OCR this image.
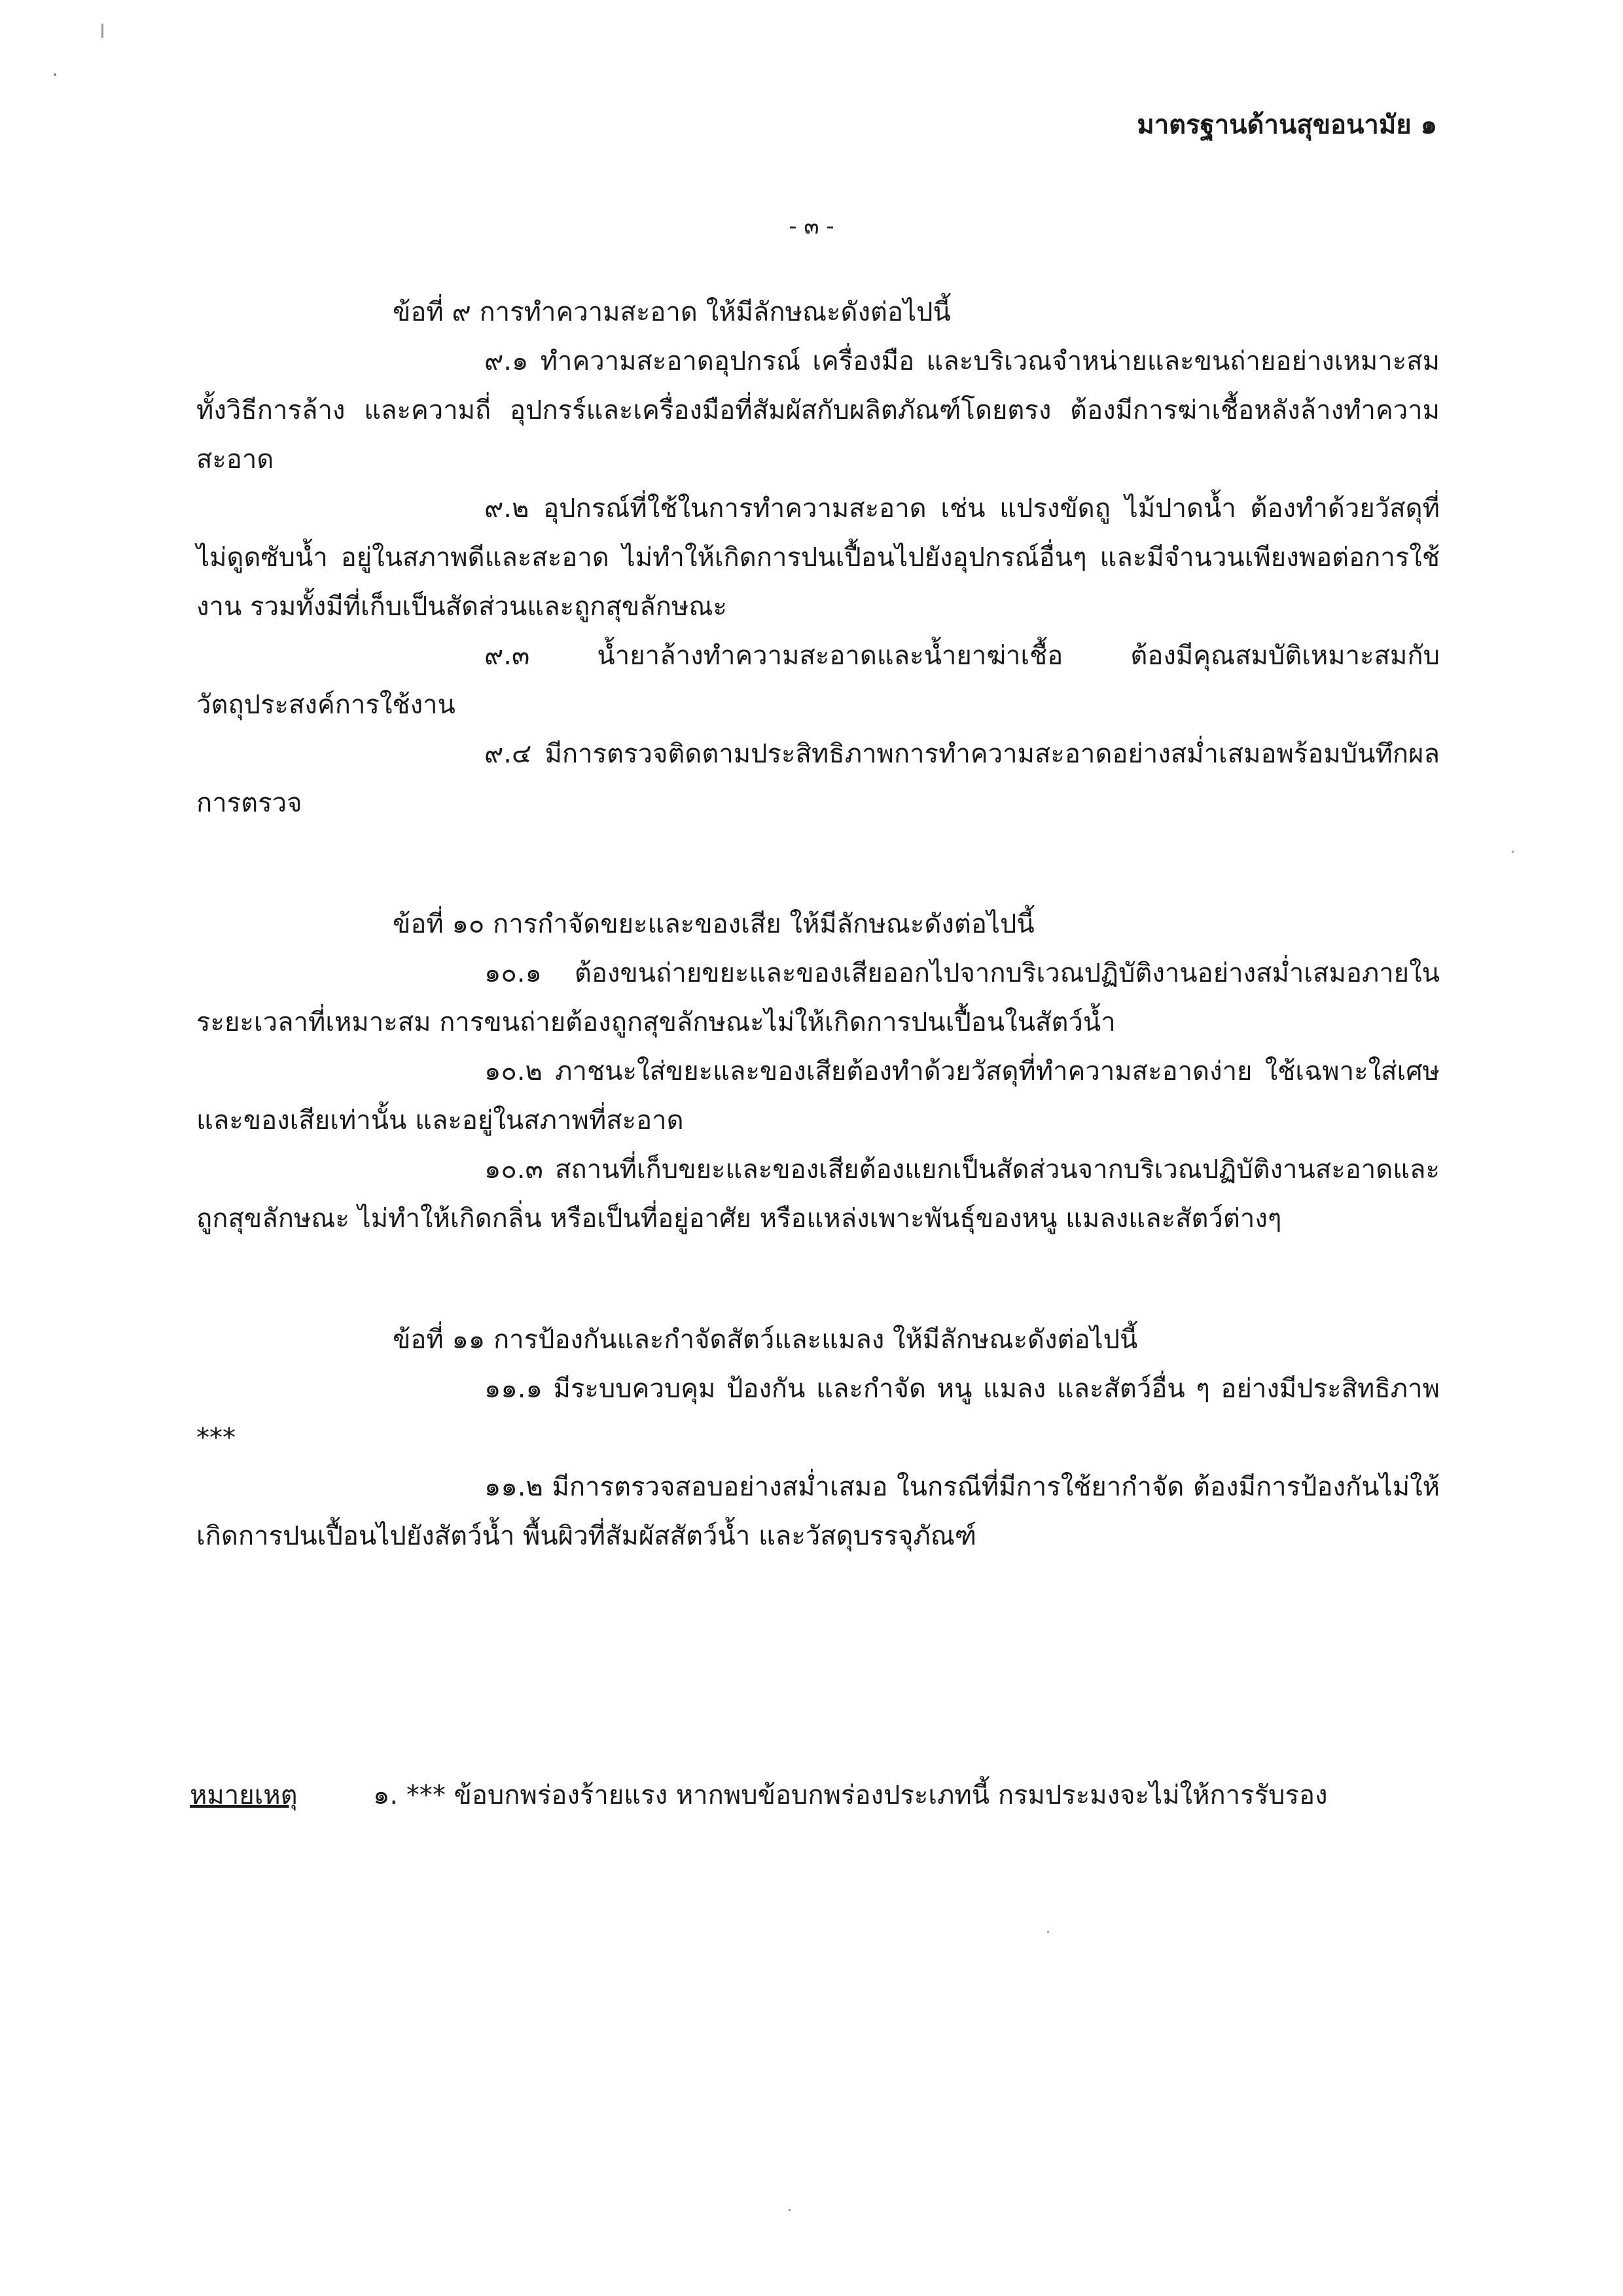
มาตรฐานด้านสุขอนามัย ๑
- ๓ -

ข้อที่ ๙ การทำความสะอาด ให้มีลักษณะดังต่อไปนี้

๙.๑ ทำความสะอาดอุปกรณ์ เครื่องมือ และบริเวณจำหน่ายและขนถ่ายอย่างเหมาะสมทั้งวิธีการล้าง และความถี่ อุปกรร์และเครื่องมือที่สัมผัสกับผลิตภัณฑ์โดยตรง ต้องมีการฆ่าเชื้อหลังล้างทำความสะอาด

๙.๒ อุปกรณ์ที่ใช้ในการทำความสะอาด เช่น แปรงขัดถู ไม้ปาดน้ำ ต้องทำด้วยวัสดุที่ไม่ดูดซับน้ำ อยู่ในสภาพดีและสะอาด ไม่ทำให้เกิดการปนเปื้อนไปยังอุปกรณ์อื่นๆ และมีจำนวนเพียงพอต่อการใช้งาน รวมทั้งมีที่เก็บเป็นสัดส่วนและถูกสุขลักษณะ

๙.๓ น้ำยาล้างทำความสะอาดและน้ำยาฆ่าเชื้อ ต้องมีคุณสมบัติเหมาะสมกับวัตถุประสงค์การใช้งาน

๙.๔ มีการตรวจติดตามประสิทธิภาพการทำความสะอาดอย่างสม่ำเสมอพร้อมบันทึกผลการตรวจ

ข้อที่ ๑๐ การกำจัดขยะและของเสีย ให้มีลักษณะดังต่อไปนี้

๑๐.๑ ต้องขนถ่ายขยะและของเสียออกไปจากบริเวณปฏิบัติงานอย่างสม่ำเสมอภายในระยะเวลาที่เหมาะสม การขนถ่ายต้องถูกสุขลักษณะไม่ให้เกิดการปนเปื้อนในสัตว์น้ำ

๑๐.๒ ภาชนะใส่ขยะและของเสียต้องทำด้วยวัสดุที่ทำความสะอาดง่าย ใช้เฉพาะใส่เศษและของเสียเท่านั้น และอยู่ในสภาพที่สะอาด

๑๐.๓ สถานที่เก็บขยะและของเสียต้องแยกเป็นสัดส่วนจากบริเวณปฏิบัติงานสะอาดและถูกสุขลักษณะ ไม่ทำให้เกิดกลิ่น หรือเป็นที่อยู่อาศัย หรือแหล่งเพาะพันธุ์ของหนู แมลงและสัตว์ต่างๆ

ข้อที่ ๑๑ การป้องกันและกำจัดสัตว์และแมลง ให้มีลักษณะดังต่อไปนี้

๑๑.๑ มีระบบควบคุม ป้องกัน และกำจัด หนู แมลง และสัตว์อื่น ๆ อย่างมีประสิทธิภาพ ***

๑๑.๒ มีการตรวจสอบอย่างสม่ำเสมอ ในกรณีที่มีการใช้ยากำจัด ต้องมีการป้องกันไม่ให้เกิดการปนเปื้อนไปยังสัตว์น้ำ พื้นผิวที่สัมผัสสัตว์น้ำ และวัสดุบรรจุภัณฑ์

หมายเหตุ	๑. *** ข้อบกพร่องร้ายแรง หากพบข้อบกพร่องประเภทนี้ กรมประมงจะไม่ให้การรับรอง
